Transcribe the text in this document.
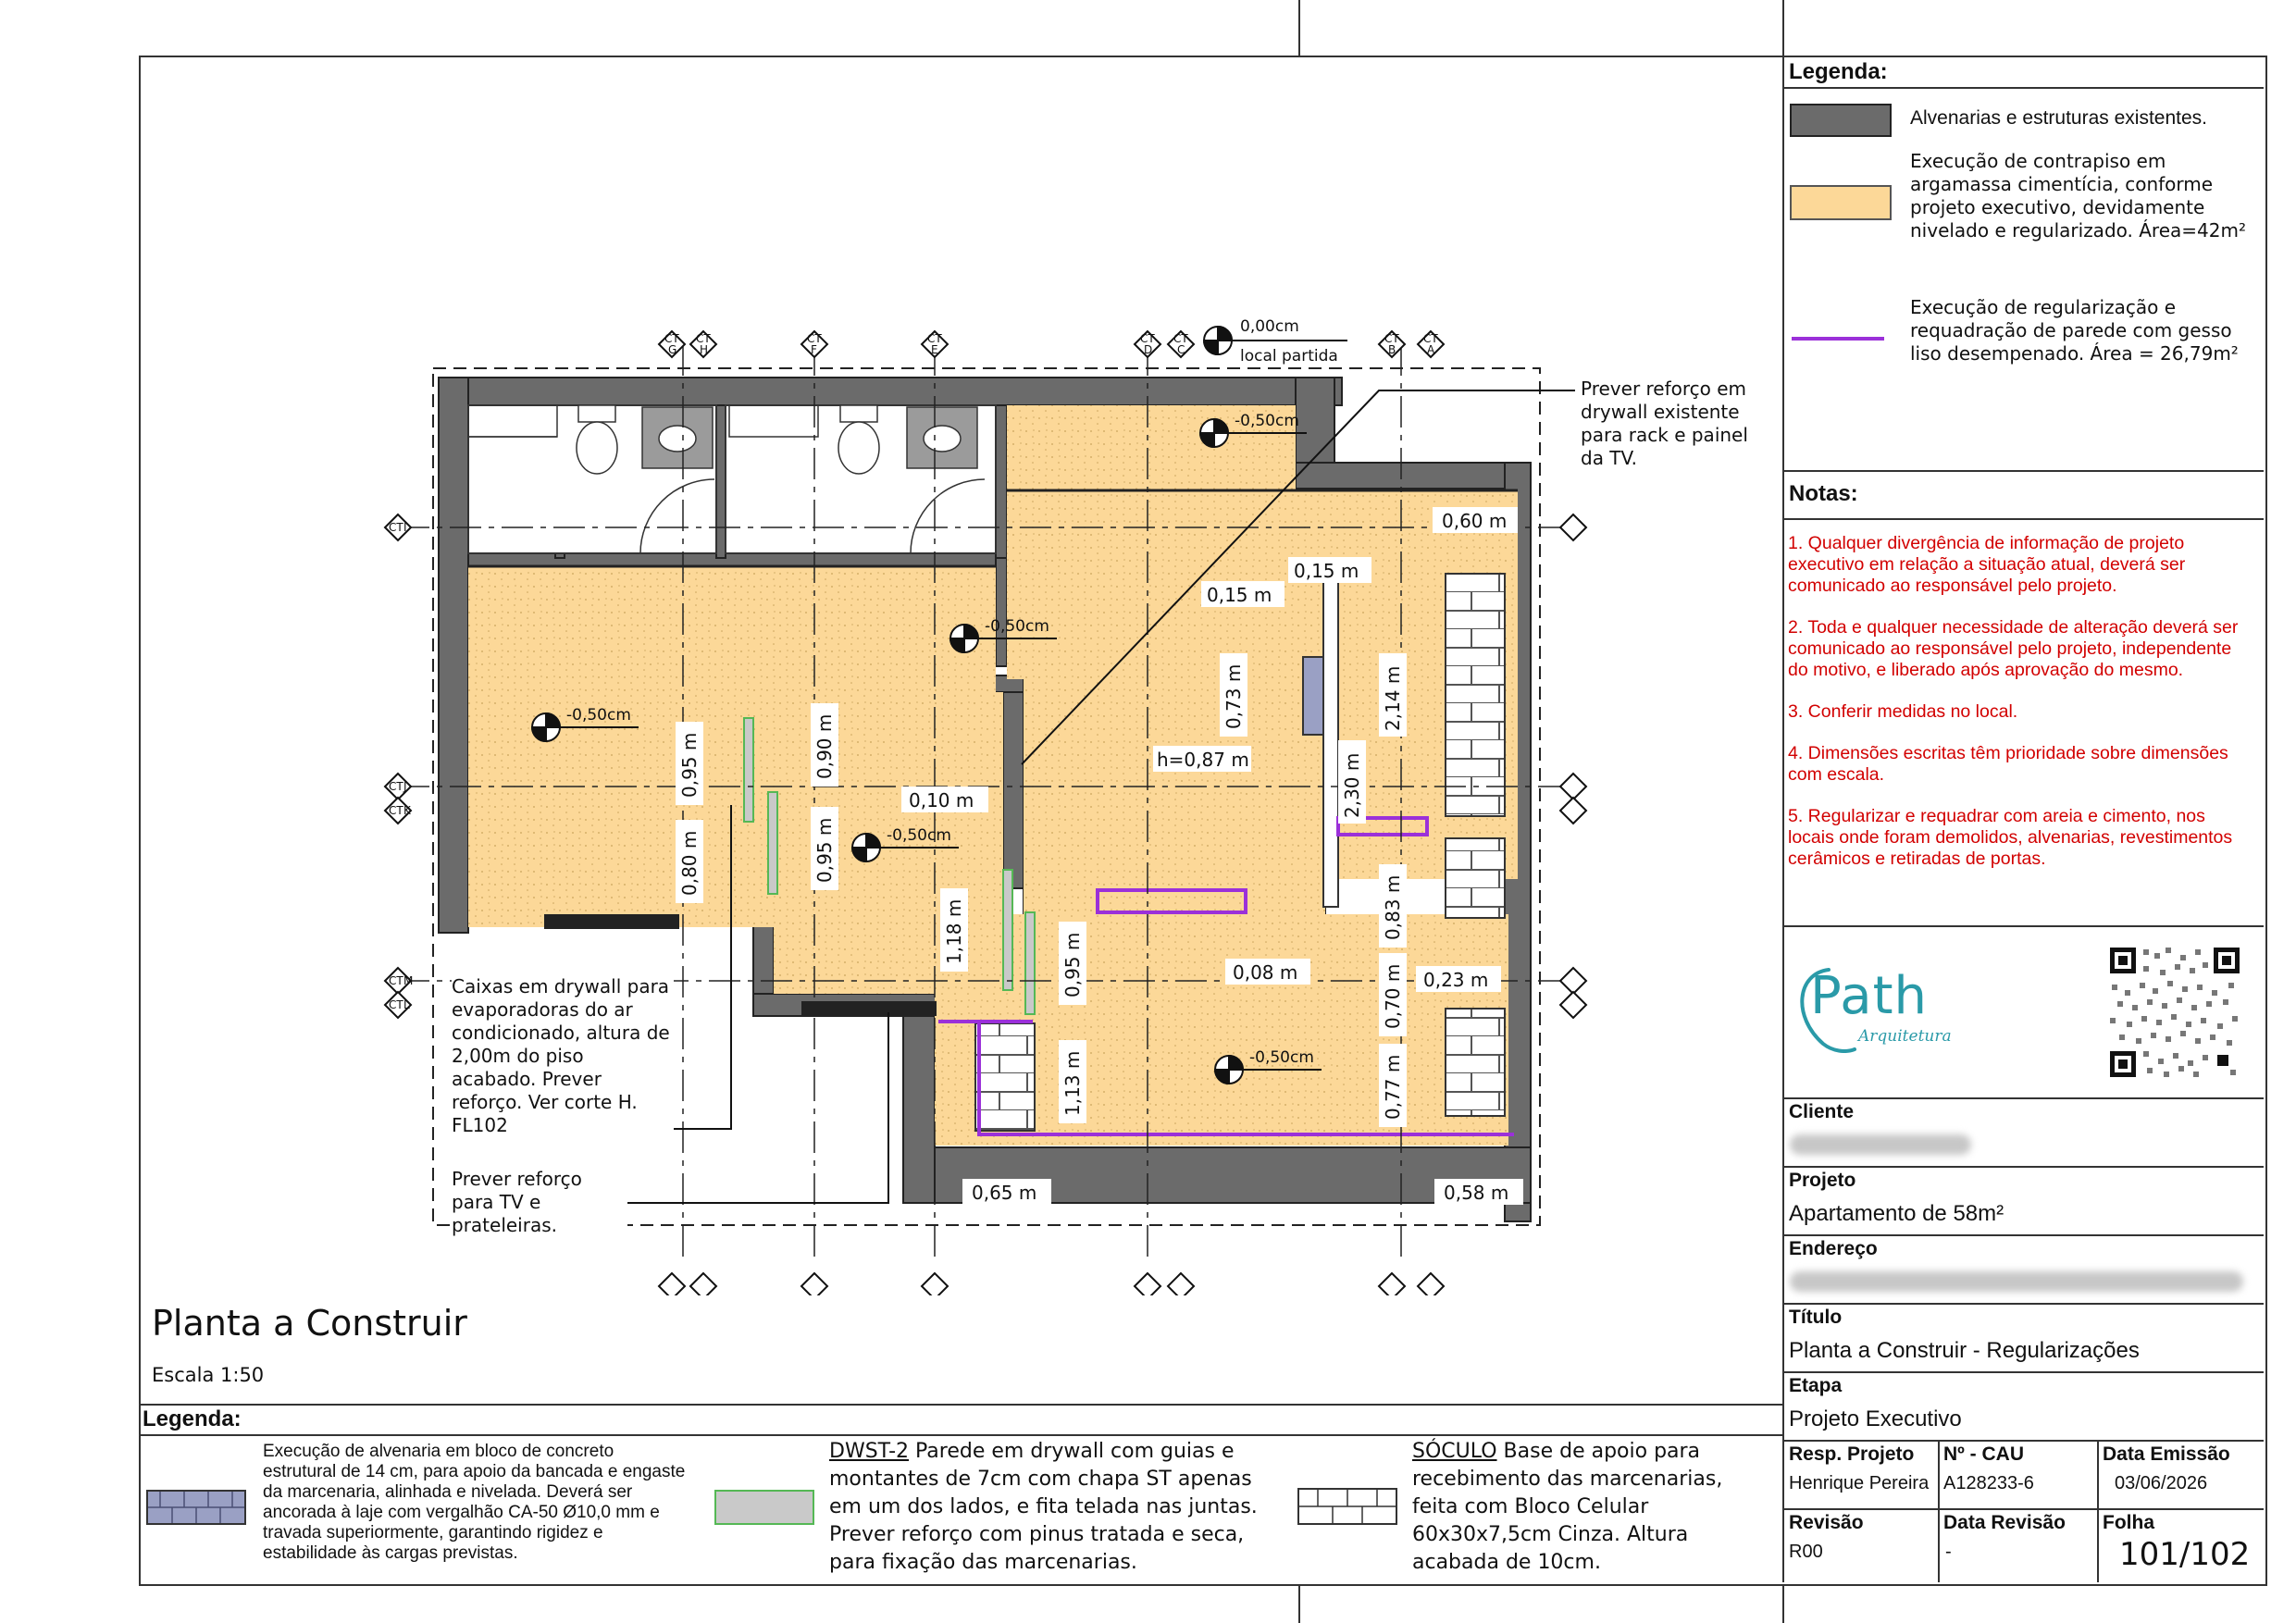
Legenda:
Alvenarias e estruturas existentes.
Execução de contrapiso em argamassa cimentícia, conforme projeto executivo, devidamente nivelado e regularizado. Área=42m²
Execução de regularização e requadração de parede com gesso liso desempenado. Área = 26,79m²
Notas:

1. Qualquer divergência de informação de projeto executivo em relação a situação atual, deverá ser comunicado ao responsável pelo projeto.

2. Toda e qualquer necessidade de alteração deverá ser comunicado ao responsável pelo projeto, independente do motivo, e liberado após aprovação do mesmo.

3. Conferir medidas no local.

4. Dimensões escritas têm prioridade sobre dimensões com escala.

5. Regularizar e requadrar com areia e cimento, nos locais onde foram demolidos, alvenarias, revestimentos cerâmicos e retiradas de portas.

Path
Arquitetura
Cliente
Projeto
Apartamento de 58m²
Endereço
Título
Planta a Construir - Regularizações
Etapa
Projeto Executivo
Resp. Projeto
Henrique Pereira
Nº - CAU
A128233-6
Data Emissão
03/06/2026
Revisão
R00
Data Revisão
-
Folha
101/102
Planta a Construir
Escala 1:50
Legenda:
Execução de alvenaria em bloco de concreto estrutural de 14 cm, para apoio da bancada e engaste da marcenaria, alinhada e nivelada. Deverá ser ancorada à laje com vergalhão CA-50 Ø10,0 mm e travada superiormente, garantindo rigidez e estabilidade às cargas previstas.
DWST-2 Parede em drywall com guias e montantes de 7cm com chapa ST apenas em um dos lados, e fita telada nas juntas. Prever reforço com pinus tratada e seca, para fixação das marcenarias.
SÓCULO Base de apoio para recebimento das marcenarias, feita com Bloco Celular 60x30x7,5cm Cinza. Altura acabada de 10cm.
0,60 m
0,15 m
0,15 m
0,73 m	2,14 m
h=0,87 m	2,30 m
0,10 m
0,90 m
0,95 m
0,95 m
0,80 m
1,18 m
0,95 m	0,08 m
0,83 m
0,70 m 0,23 m
0,77 m
1,13 m
0,65 m	0,58 m
-0,50cm
-0,50cm
-0,50cm
-0,50cm
-0,50cm
0,00cm
local partida
CT
G
CT
H
CT
F
CT
E
CT
D
CT
C
CT
B
CT
A
CT I
CT J
CT K
CT M
CT L
Prever reforço em drywall existente para rack e painel da TV.
Caixas em drywall para evaporadoras do ar condicionado, altura de 2,00m do piso acabado. Prever reforço. Ver corte H. FL102
Prever reforço para TV e prateleiras.
